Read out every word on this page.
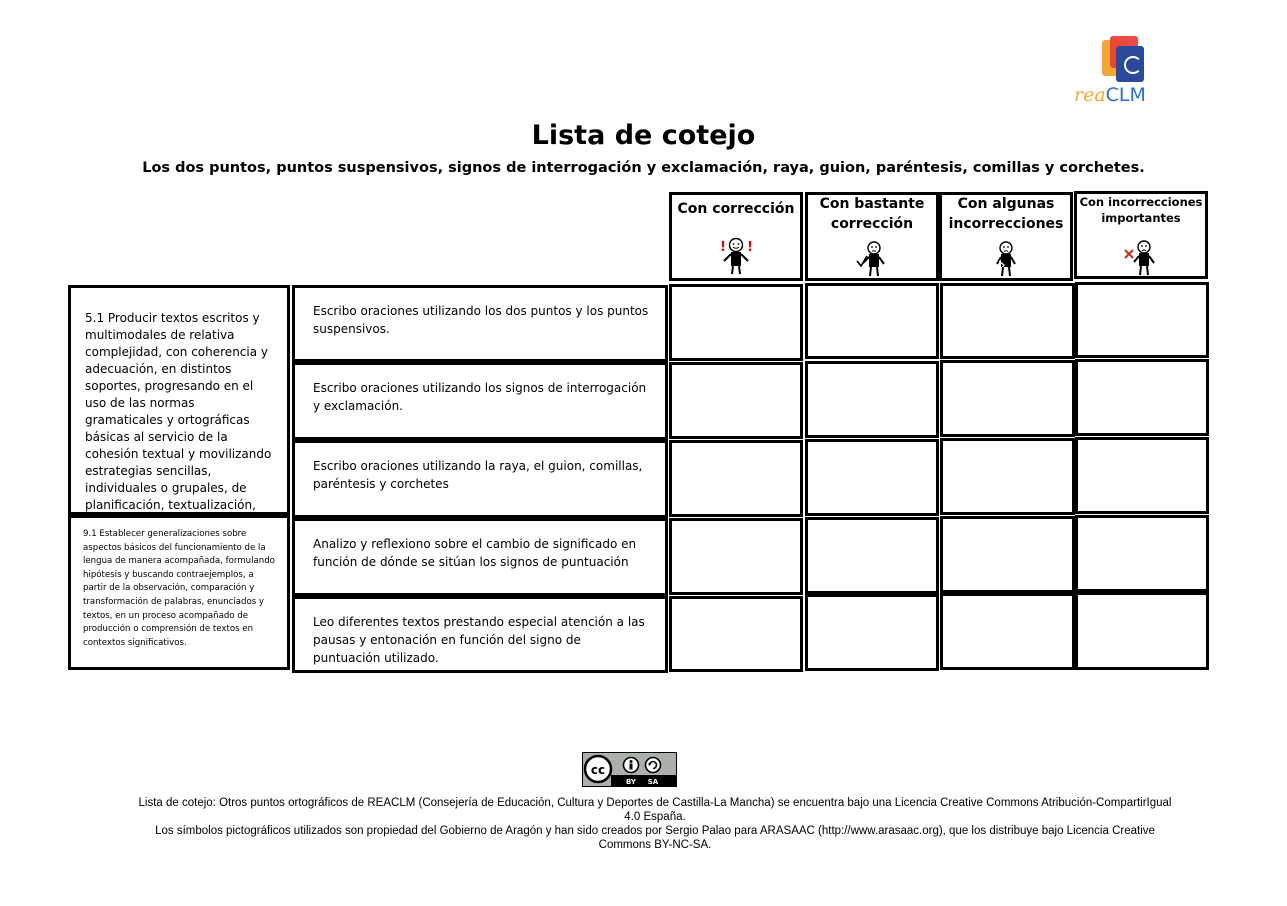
reaCLM
Lista de cotejo
Los dos puntos, puntos suspensivos, signos de interrogación y exclamación, raya, guion, paréntesis, comillas y corchetes.
Con corrección
! !
Con bastante
corrección
Con algunas
incorrecciones
Con incorrecciones
importantes
5.1 Producir textos escritos y multimodales de relativa complejidad, con coherencia y adecuación, en distintos soportes, progresando en el uso de las normas gramaticales y ortográficas básicas al servicio de la cohesión textual y movilizando estrategias sencillas, individuales o grupales, de planificación, textualización,
9.1 Establecer generalizaciones sobre aspectos básicos del funcionamiento de la lengua de manera acompañada, formulando hipótesis y buscando contraejemplos, a partir de la observación, comparación y transformación de palabras, enunciados y textos, en un proceso acompañado de producción o comprensión de textos en contextos significativos.
Escribo oraciones utilizando los dos puntos y los puntos suspensivos.
Escribo oraciones utilizando los signos de interrogación y exclamación.
Escribo oraciones utilizando la raya, el guion, comillas, paréntesis y corchetes
Analizo y reflexiono sobre el cambio de significado en función de dónde se sitúan los signos de puntuación
Leo diferentes textos prestando especial atención a las pausas y entonación en función del signo de puntuación utilizado.
cc
BY SA
Lista de cotejo: Otros puntos ortográficos de REACLM (Consejería de Educación, Cultura y Deportes de Castilla-La Mancha) se encuentra bajo una Licencia Creative Commons Atribución-CompartirIgual 4.0 España.
Los símbolos pictográficos utilizados son propiedad del Gobierno de Aragón y han sido creados por Sergio Palao para ARASAAC (http://www.arasaac.org), que los distribuye bajo Licencia Creative Commons BY-NC-SA.
